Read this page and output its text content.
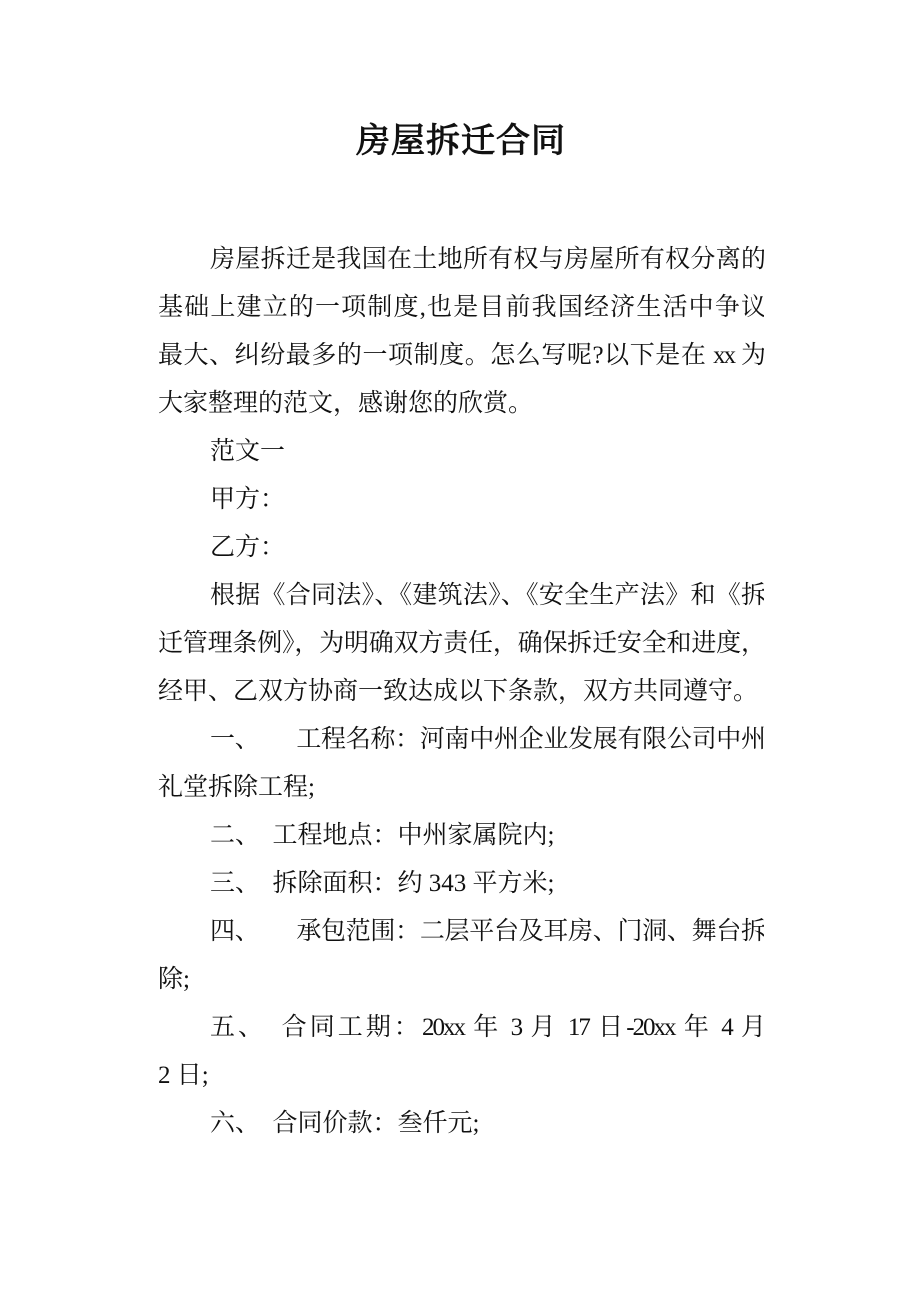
房屋拆迁合同
房屋拆迁是我国在土地所有权与房屋所有权分离的
基础上建立的一项制度,也是目前我国经济生活中争议
最大、纠纷最多的一项制度。怎么写呢?以下是在 xx 为
大家整理的范文，感谢您的欣赏。
范文一
甲方：
乙方：
根据《合同法》、《建筑法》、《安全生产法》和《拆
迁管理条例》，为明确双方责任，确保拆迁安全和进度，
经甲、乙双方协商一致达成以下条款，双方共同遵守。
一、　　工程名称：河南中州企业发展有限公司中州
礼堂拆除工程;
二、　工程地点：中州家属院内;
三、　拆除面积：约 343 平方米;
四、　　承包范围：二层平台及耳房、门洞、舞台拆
除;
五、　合同工期：20xx 年 3 月 17 日-20xx 年 4 月
2 日;
六、　合同价款：叁仟元;
